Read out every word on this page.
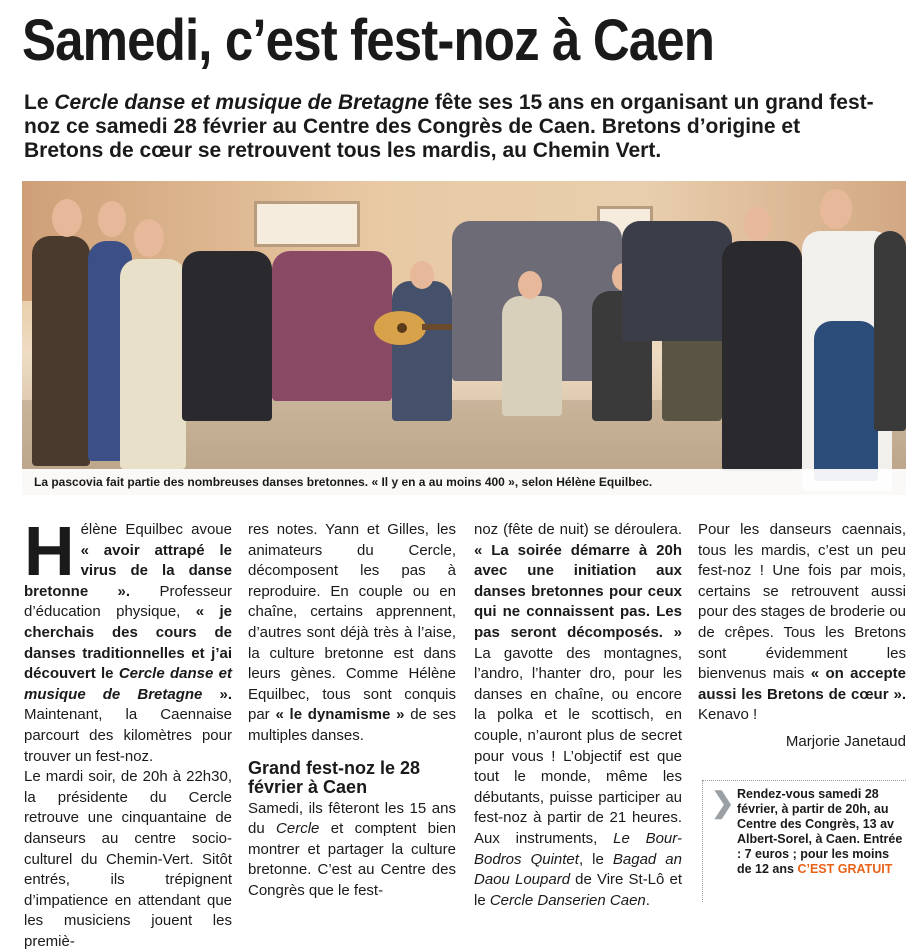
Samedi, c’est fest-noz à Caen

Le Cercle danse et musique de Bretagne fête ses 15 ans en organisant un grand fest-noz ce samedi 28 février au Centre des Congrès de Caen. Bretons d’origine et Bretons de cœur se retrouvent tous les mardis, au Chemin Vert.

La pascovia fait partie des nombreuses danses bretonnes. « Il y en a au moins 400 », selon Hélène Equilbec.

Hélène Equilbec avoue « avoir attrapé le virus de la danse bretonne ». Professeur d’éducation physique, « je cherchais des cours de danses traditionnelles et j’ai découvert le Cercle danse et musique de Bretagne ». Maintenant, la Caennaise parcourt des kilomètres pour trouver un fest-noz.

Le mardi soir, de 20h à 22h30, la présidente du Cercle retrouve une cinquantaine de danseurs au centre socio-culturel du Chemin-Vert. Sitôt entrés, ils trépignent d’impatience en attendant que les musiciens jouent les premiè-

res notes. Yann et Gilles, les animateurs du Cercle, décomposent les pas à reproduire. En couple ou en chaîne, certains apprennent, d’autres sont déjà très à l’aise, la culture bretonne est dans leurs gènes. Comme Hélène Equilbec, tous sont conquis par « le dynamisme » de ses multiples danses.

Grand fest-noz le 28 février à Caen

Samedi, ils fêteront les 15 ans du Cercle et comptent bien montrer et partager la culture bretonne. C’est au Centre des Congrès que le fest-

noz (fête de nuit) se déroulera. « La soirée démarre à 20h avec une initiation aux danses bretonnes pour ceux qui ne connaissent pas. Les pas seront décomposés. » La gavotte des montagnes, l’andro, l’hanter dro, pour les danses en chaîne, ou encore la polka et le scottisch, en couple, n’auront plus de secret pour vous ! L’objectif est que tout le monde, même les débutants, puisse participer au fest-noz à partir de 21 heures. Aux instruments, Le Bour-Bodros Quintet, le Bagad an Daou Loupard de Vire St-Lô et le Cercle Danserien Caen.

Pour les danseurs caennais, tous les mardis, c’est un peu fest-noz ! Une fois par mois, certains se retrouvent aussi pour des stages de broderie ou de crêpes. Tous les Bretons sont évidemment les bienvenus mais « on accepte aussi les Bretons de cœur ». Kenavo !

Marjorie Janetaud
❯ Rendez-vous samedi 28 février, à partir de 20h, au Centre des Congrès, 13 av Albert-Sorel, à Caen. Entrée : 7 euros ; pour les moins de 12 ans C’EST GRATUIT
